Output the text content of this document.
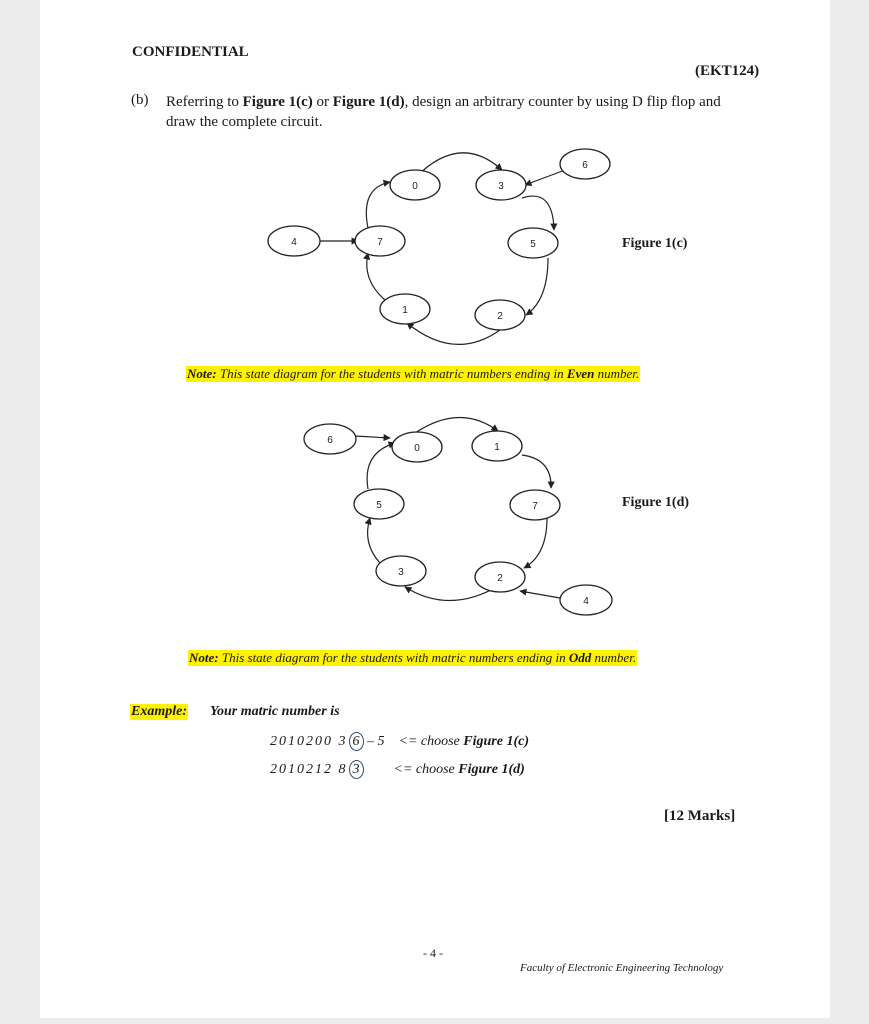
CONFIDENTIAL
(EKT124)
(b) Referring to Figure 1(c) or Figure 1(d), design an arbitrary counter by using D flip flop and draw the complete circuit.
0	3
6
4	7	5
1
2
Figure 1(c)
Note: This state diagram for the students with matric numbers ending in Even number.
6
0	1
5	7
3
2
4
Figure 1(d)
Note: This state diagram for the students with matric numbers ending in Odd number.
Example: Your matric number is
2010200 3 6 – 5 <= choose Figure 1(c)
2010212 8 3 <= choose Figure 1(d)
[12 Marks]
- 4 -
Faculty of Electronic Engineering Technology
